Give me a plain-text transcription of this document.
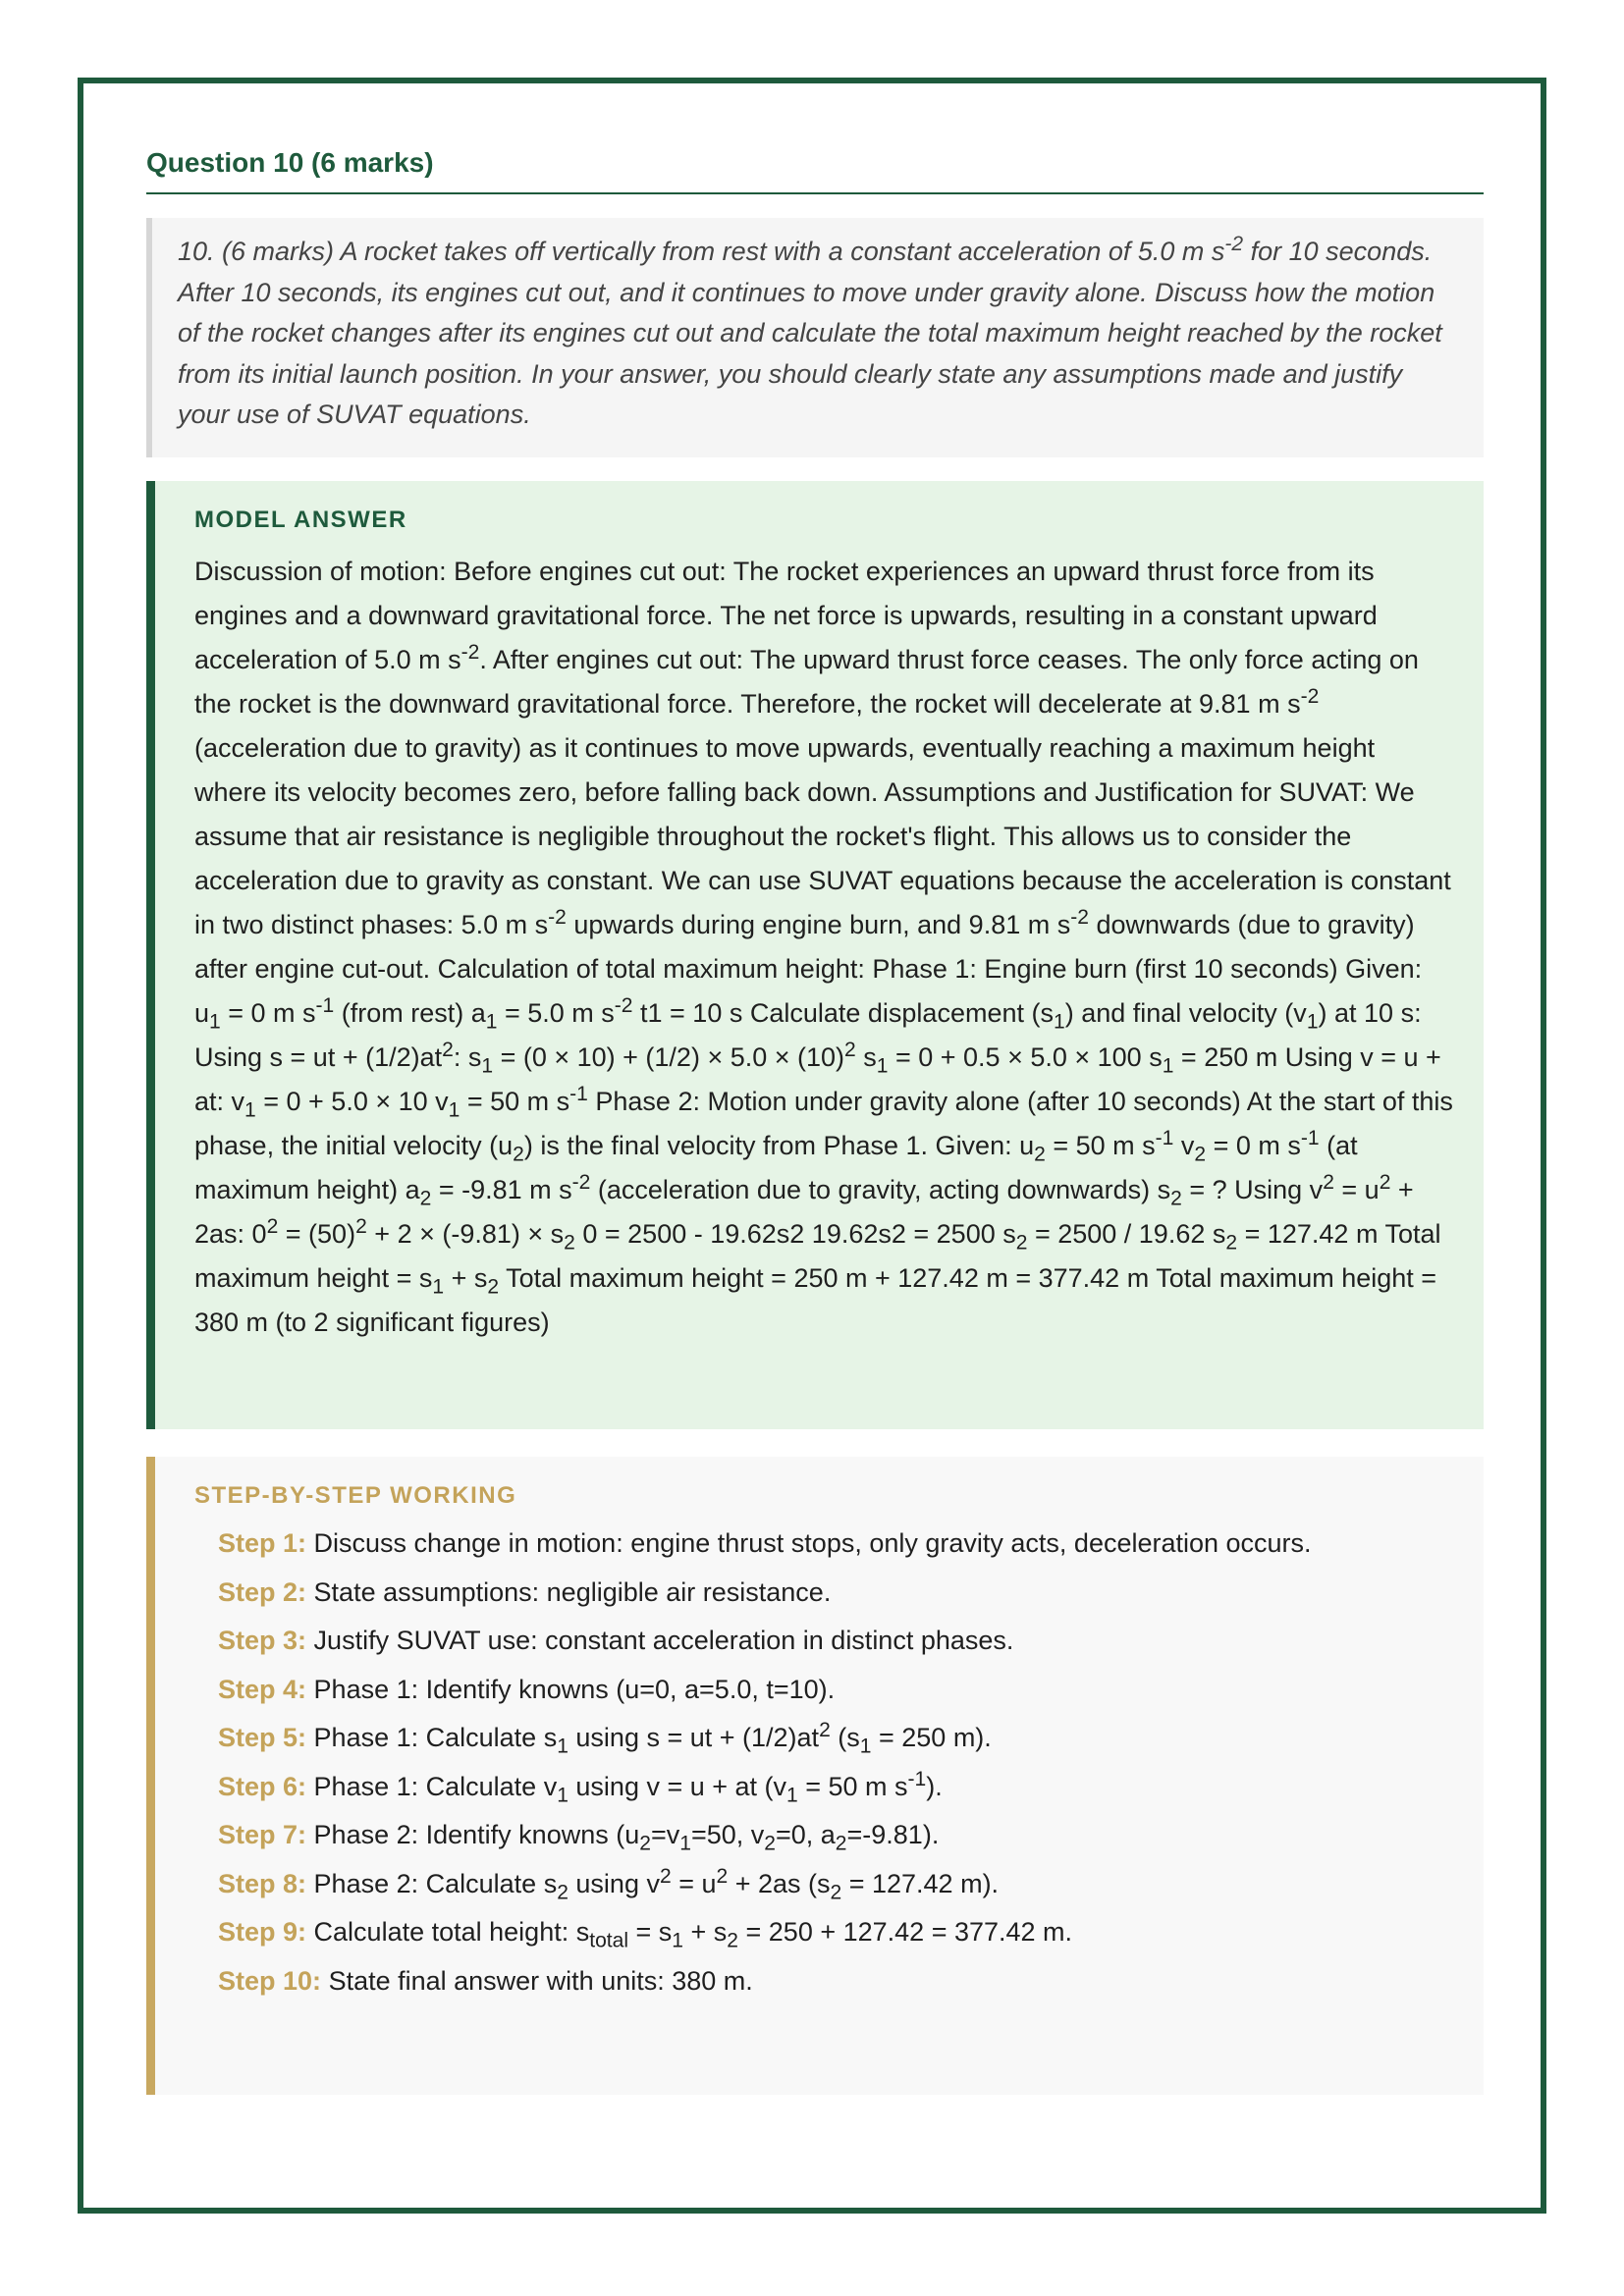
Question 10 (6 marks)
10. (6 marks) A rocket takes off vertically from rest with a constant acceleration of 5.0 m $s^{-2}$ for 10 seconds. After 10 seconds, its engines cut out, and it continues to move under gravity alone. Discuss how the motion of the rocket changes after its engines cut out and calculate the total maximum height reached by the rocket from its initial launch position. In your answer, you should clearly state any assumptions made and justify your use of SUVAT equations.
MODEL ANSWER
Discussion of motion: Before engines cut out: The rocket experiences an upward thrust force from its engines and a downward gravitational force. The net force is upwards, resulting in a constant upward acceleration of 5.0 m $s^{-2}$. After engines cut out: The upward thrust force ceases. The only force acting on the rocket is the downward gravitational force. Therefore, the rocket will decelerate at 9.81 m $s^{-2}$ (acceleration due to gravity) as it continues to move upwards, eventually reaching a maximum height where its velocity becomes zero, before falling back down. Assumptions and Justification for SUVAT: We assume that air resistance is negligible throughout the rocket's flight. This allows us to consider the acceleration due to gravity as constant. We can use SUVAT equations because the acceleration is constant in two distinct phases: 5.0 m $s^{-2}$ upwards during engine burn, and 9.81 m $s^{-2}$ downwards (due to gravity) after engine cut-out. Calculation of total maximum height: Phase 1: Engine burn (first 10 seconds) Given: $u_1 = 0$ m $s^{-1}$ (from rest) $a_1 = 5.0$ m $s^{-2}$ t1 = 10 s Calculate displacement $(s_1)$ and final velocity $(v_1)$ at 10 s: Using s = ut + $(1/2)at^2$: $s_1 = (0 \times 10) + (1/2) \times 5.0 \times (10)^2$ $s_1 = 0 + 0.5 \times 5.0 \times 100$ $s_1 = 250$ m Using v = u + at: $v_1 = 0 + 5.0 \times 10$ $v_1 = 50$ m $s^{-1}$ Phase 2: Motion under gravity alone (after 10 seconds) At the start of this phase, the initial velocity $(u_2)$ is the final velocity from Phase 1. Given: $u_2 = 50$ m $s^{-1}$ $v_2 = 0$ m $s^{-1}$ (at maximum height) $a_2 = -9.81$ m $s^{-2}$ (acceleration due to gravity, acting downwards) $s_2$ = ? Using $v^2 = u^2 + 2as$: $0^2 = (50)^2 + 2 \times (-9.81) \times s_2$ 0 = 2500 - 19.62s2 19.62s2 = 2500 $s_2 = 2500 / 19.62$ $s_2 = 127.42$ m Total maximum height = $s_1 + s_2$ Total maximum height = 250 m + 127.42 m = 377.42 m Total maximum height = 380 m (to 2 significant figures)
STEP-BY-STEP WORKING
Step 1: Discuss change in motion: engine thrust stops, only gravity acts, deceleration occurs.
Step 2: State assumptions: negligible air resistance.
Step 3: Justify SUVAT use: constant acceleration in distinct phases.
Step 4: Phase 1: Identify knowns (u=0, a=5.0, t=10).
Step 5: Phase 1: Calculate $s_1$ using s = ut + $(1/2)at^2$ ($s_1 = 250$ m).
Step 6: Phase 1: Calculate $v_1$ using v = u + at ($v_1 = 50$ m $s^{-1}$).
Step 7: Phase 2: Identify knowns ($u_2=v_1=50$, $v_2=0$, $a_2=-9.81$).
Step 8: Phase 2: Calculate $s_2$ using $v^2 = u^2 + 2as$ ($s_2 = 127.42$ m).
Step 9: Calculate total height: $s_{total} = s_1 + s_2 = 250 + 127.42 = 377.42$ m.
Step 10: State final answer with units: 380 m.
